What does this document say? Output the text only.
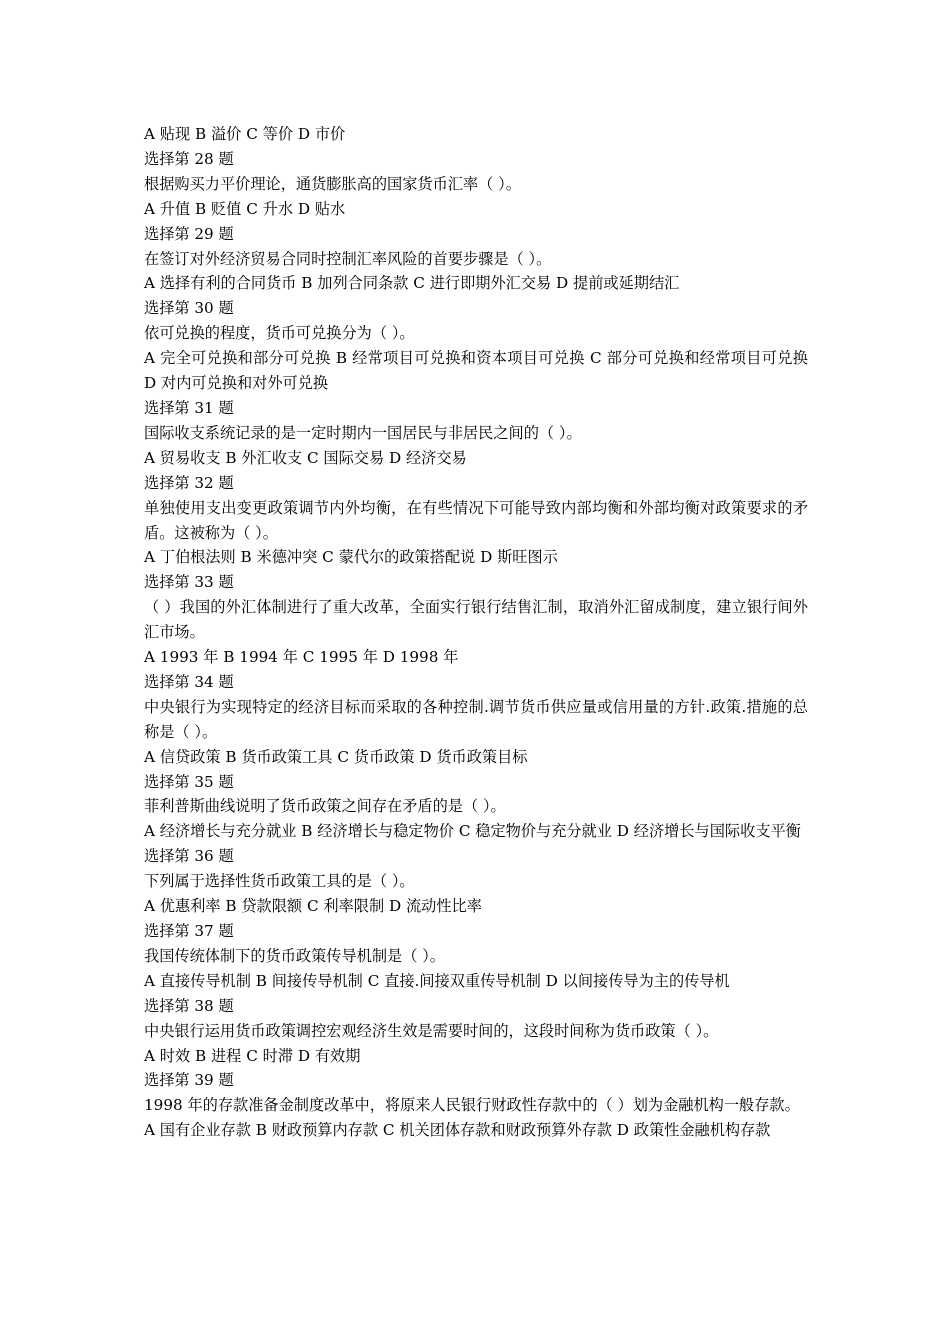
A 贴现 B 溢价 C 等价 D 市价
选择第 28 题
根据购买力平价理论，通货膨胀高的国家货币汇率（ ）。
A 升值 B 贬值 C 升水 D 贴水
选择第 29 题
在签订对外经济贸易合同时控制汇率风险的首要步骤是（ ）。
A 选择有利的合同货币 B 加列合同条款 C 进行即期外汇交易 D 提前或延期结汇
选择第 30 题
依可兑换的程度，货币可兑换分为（ ）。
A 完全可兑换和部分可兑换 B 经常项目可兑换和资本项目可兑换 C 部分可兑换和经常项目可兑换 D 对内可兑换和对外可兑换
选择第 31 题
国际收支系统记录的是一定时期内一国居民与非居民之间的（ ）。
A 贸易收支 B 外汇收支 C 国际交易 D 经济交易
选择第 32 题
单独使用支出变更政策调节内外均衡，在有些情况下可能导致内部均衡和外部均衡对政策要求的矛盾。这被称为（ ）。
A 丁伯根法则 B 米德冲突 C 蒙代尔的政策搭配说 D 斯旺图示
选择第 33 题
（ ）我国的外汇体制进行了重大改革，全面实行银行结售汇制，取消外汇留成制度，建立银行间外汇市场。
A 1993 年 B 1994 年 C 1995 年 D 1998 年
选择第 34 题
中央银行为实现特定的经济目标而采取的各种控制.调节货币供应量或信用量的方针.政策.措施的总称是（ ）。
A 信贷政策 B 货币政策工具 C 货币政策 D 货币政策目标
选择第 35 题
菲利普斯曲线说明了货币政策之间存在矛盾的是（ ）。
A 经济增长与充分就业 B 经济增长与稳定物价 C 稳定物价与充分就业 D 经济增长与国际收支平衡
选择第 36 题
下列属于选择性货币政策工具的是（ ）。
A 优惠利率 B 贷款限额 C 利率限制 D 流动性比率
选择第 37 题
我国传统体制下的货币政策传导机制是（ ）。
A 直接传导机制 B 间接传导机制 C 直接.间接双重传导机制 D 以间接传导为主的传导机
选择第 38 题
中央银行运用货币政策调控宏观经济生效是需要时间的，这段时间称为货币政策（ ）。
A 时效 B 进程 C 时滞 D 有效期
选择第 39 题
1998 年的存款准备金制度改革中，将原来人民银行财政性存款中的（ ）划为金融机构一般存款。
A 国有企业存款 B 财政预算内存款 C 机关团体存款和财政预算外存款 D 政策性金融机构存款
